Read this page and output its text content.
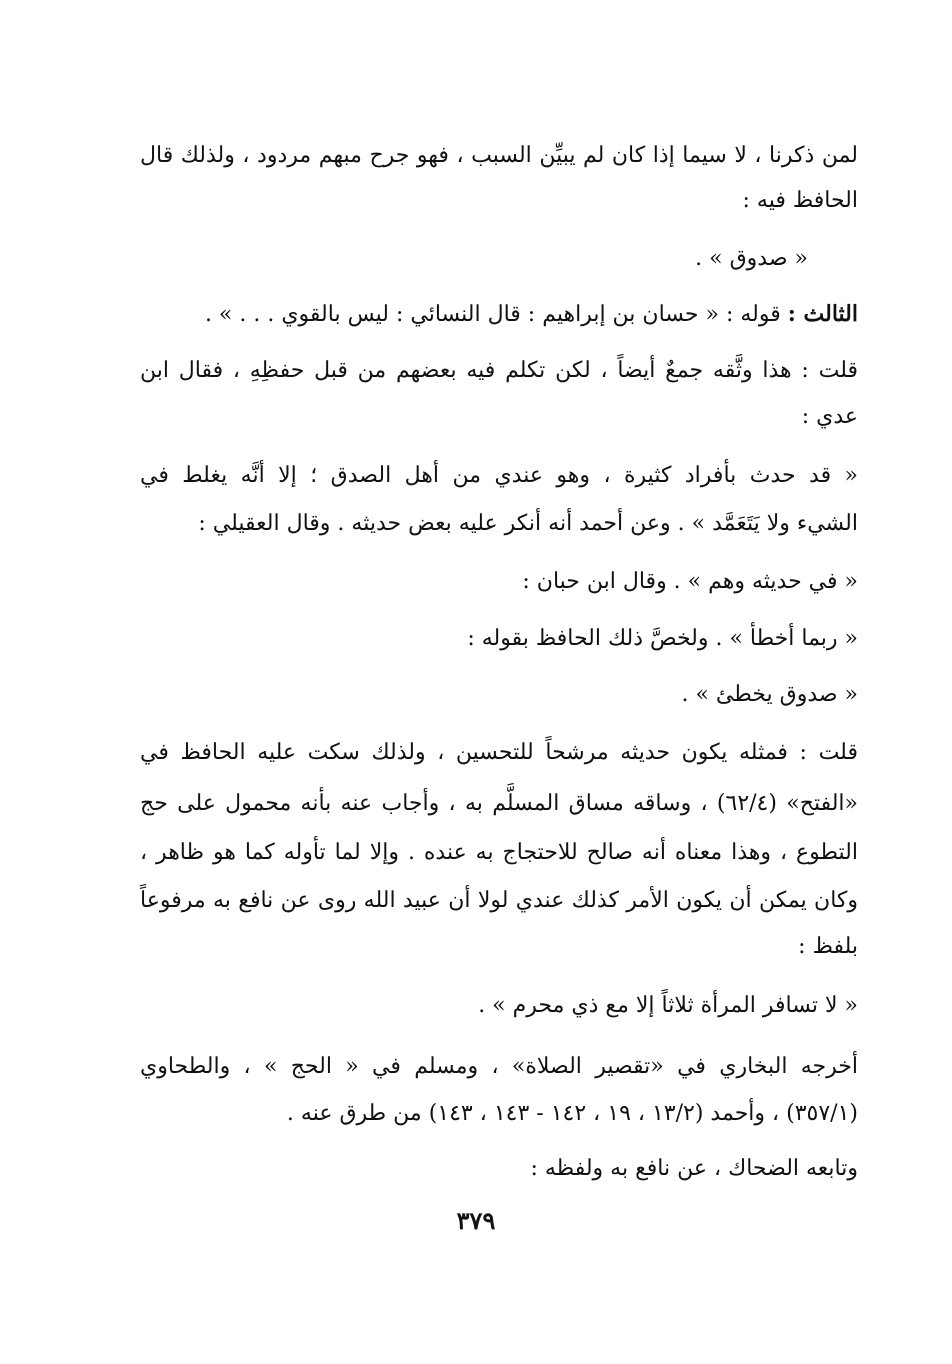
لمن ذكرنا ، لا سيما إذا كان لم يبيِّن السبب ، فهو جرح مبهم مردود ، ولذلك قال
الحافظ فيه :
« صدوق » .
الثالث : قوله : « حسان بن إبراهيم : قال النسائي : ليس بالقوي . . . » .
قلت : هذا وثَّقه جمعٌ أيضاً ، لكن تكلم فيه بعضهم من قبل حفظِهِ ، فقال ابن
عدي :
« قد حدث بأفراد كثيرة ، وهو عندي من أهل الصدق ؛ إلا أنَّه يغلط في
الشيء ولا يَتَعَمَّد » . وعن أحمد أنه أنكر عليه بعض حديثه . وقال العقيلي :
« في حديثه وهم » . وقال ابن حبان :
« ربما أخطأ » . ولخصَّ ذلك الحافظ بقوله :
« صدوق يخطئ » .
قلت : فمثله يكون حديثه مرشحاً للتحسين ، ولذلك سكت عليه الحافظ في
«الفتح» (٦٢/٤) ، وساقه مساق المسلَّم به ، وأجاب عنه بأنه محمول على حج
التطوع ، وهذا معناه أنه صالح للاحتجاج به عنده . وإلا لما تأوله كما هو ظاهر ،
وكان يمكن أن يكون الأمر كذلك عندي لولا أن عبيد الله روى عن نافع به مرفوعاً
بلفظ :
« لا تسافر المرأة ثلاثاً إلا مع ذي محرم » .
أخرجه البخاري في «تقصير الصلاة» ، ومسلم في « الحج » ، والطحاوي
(٣٥٧/١) ، وأحمد (١٣/٢ ، ١٩ ، ١٤٢ - ١٤٣ ، ١٤٣) من طرق عنه .
وتابعه الضحاك ، عن نافع به ولفظه :
٣٧٩
